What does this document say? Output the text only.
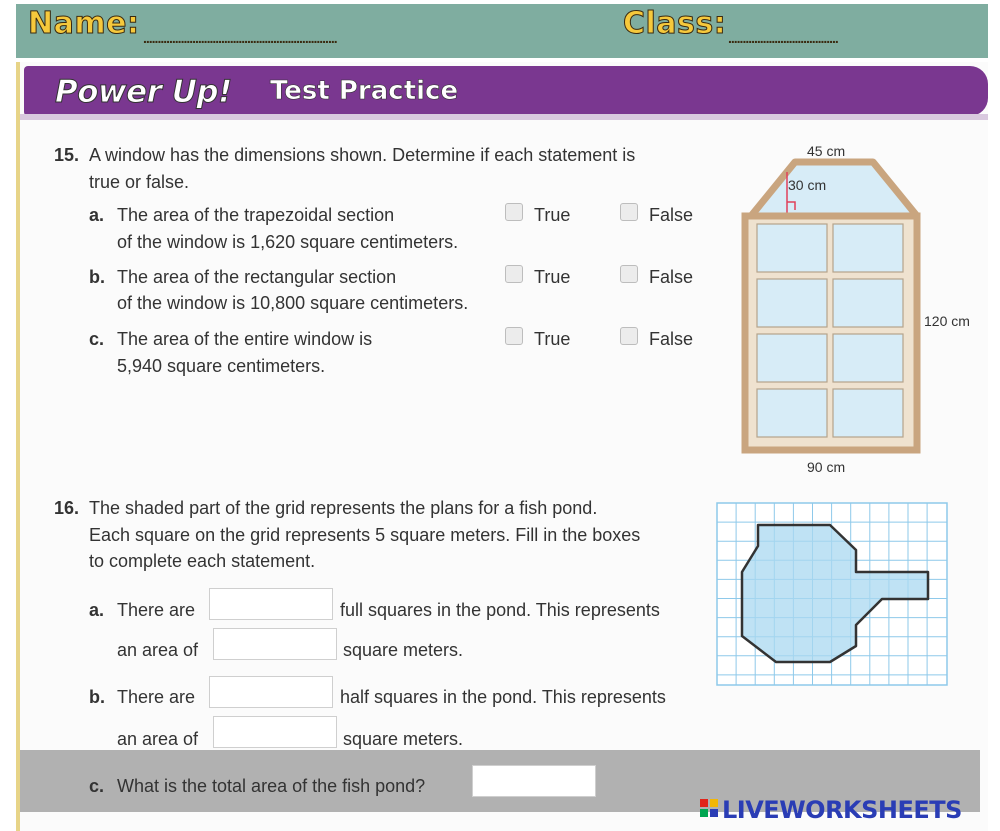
Name: ...................................................................	Class: ......................................
Power Up! Test Practice
15. A window has the dimensions shown. Determine if each statement is
true or false.
a. The area of the trapezoidal section
of the window is 1,620 square centimeters.
True	False
b. The area of the rectangular section
of the window is 10,800 square centimeters.
True	False
c. The area of the entire window is
5,940 square centimeters.
True	False
45 cm
30 cm
120 cm
90 cm
16. The shaded part of the grid represents the plans for a fish pond.
Each square on the grid represents 5 square meters. Fill in the boxes
to complete each statement.
a. There are	full squares in the pond. This represents
an area of	square meters.
b. There are	half squares in the pond. This represents
an area of	square meters.
c. What is the total area of the fish pond?
LIVEWORKSHEETS
